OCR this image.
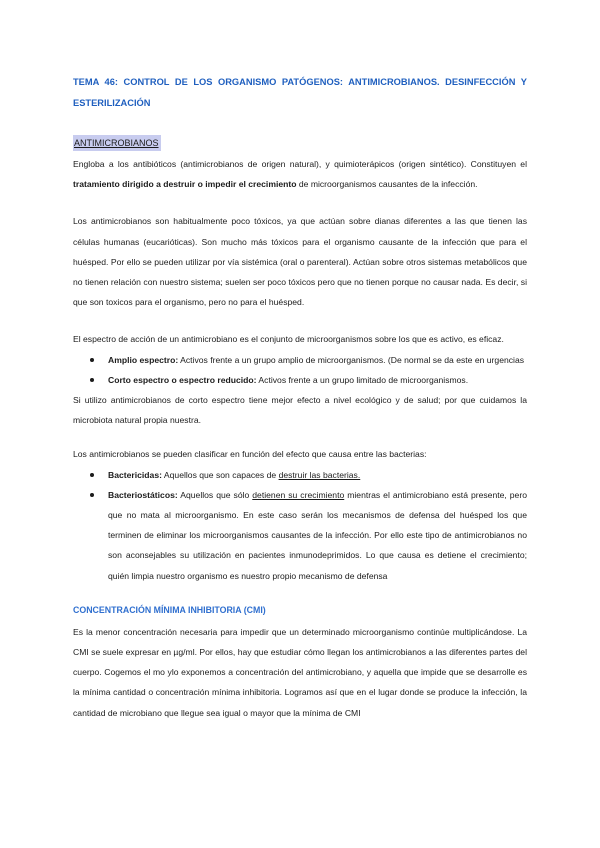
TEMA 46: CONTROL DE LOS ORGANISMO PATÓGENOS: ANTIMICROBIANOS. DESINFECCIÓN Y ESTERILIZACIÓN
ANTIMICROBIANOS

Engloba a los antibióticos (antimicrobianos de origen natural), y quimioterápicos (origen sintético). Constituyen el tratamiento dirigido a destruir o impedir el crecimiento de microorganismos causantes de la infección.

Los antimicrobianos son habitualmente poco tóxicos, ya que actúan sobre dianas diferentes a las que tienen las células humanas (eucarióticas). Son mucho más tóxicos para el organismo causante de la infección que para el huésped. Por ello se pueden utilizar por vía sistémica (oral o parenteral). Actúan sobre otros sistemas metabólicos que no tienen relación con nuestro sistema; suelen ser poco tóxicos pero que no tienen porque no causar nada. Es decir, si que son toxicos para el organismo, pero no para el huésped.

El espectro de acción de un antimicrobiano es el conjunto de microorganismos sobre los que es activo, es eficaz.

Amplio espectro: Activos frente a un grupo amplio de microorganismos. (De normal se da este en urgencias
Corto espectro o espectro reducido: Activos frente a un grupo limitado de microorganismos.

Si utilizo antimicrobianos de corto espectro tiene mejor efecto a nivel ecológico y de salud; por que cuidamos la microbiota natural propia nuestra.

Los antimicrobianos se pueden clasificar en función del efecto que causa entre las bacterias:

Bactericidas: Aquellos que son capaces de destruir las bacterias.
Bacteriostáticos: Aquellos que sólo detienen su crecimiento mientras el antimicrobiano está presente, pero que no mata al microorganismo. En este caso serán los mecanismos de defensa del huésped los que terminen de eliminar los microorganismos causantes de la infección. Por ello este tipo de antimicrobianos no son aconsejables su utilización en pacientes inmunodeprimidos. Lo que causa es detiene el crecimiento; quién limpia nuestro organismo es nuestro propio mecanismo de defensa
CONCENTRACIÓN MÍNIMA INHIBITORIA (CMI)

Es la menor concentración necesaria para impedir que un determinado microorganismo continúe multiplicándose. La CMI se suele expresar en µg/ml. Por ellos, hay que estudiar cómo llegan los antimicrobianos a las diferentes partes del cuerpo. Cogemos el mo ylo exponemos a concentración del antimicrobiano, y aquella que impide que se desarrolle es la mínima cantidad o concentración mínima inhibitoria. Logramos así que en el lugar donde se produce la infección, la cantidad de microbiano que llegue sea igual o mayor que la mínima de CMI
